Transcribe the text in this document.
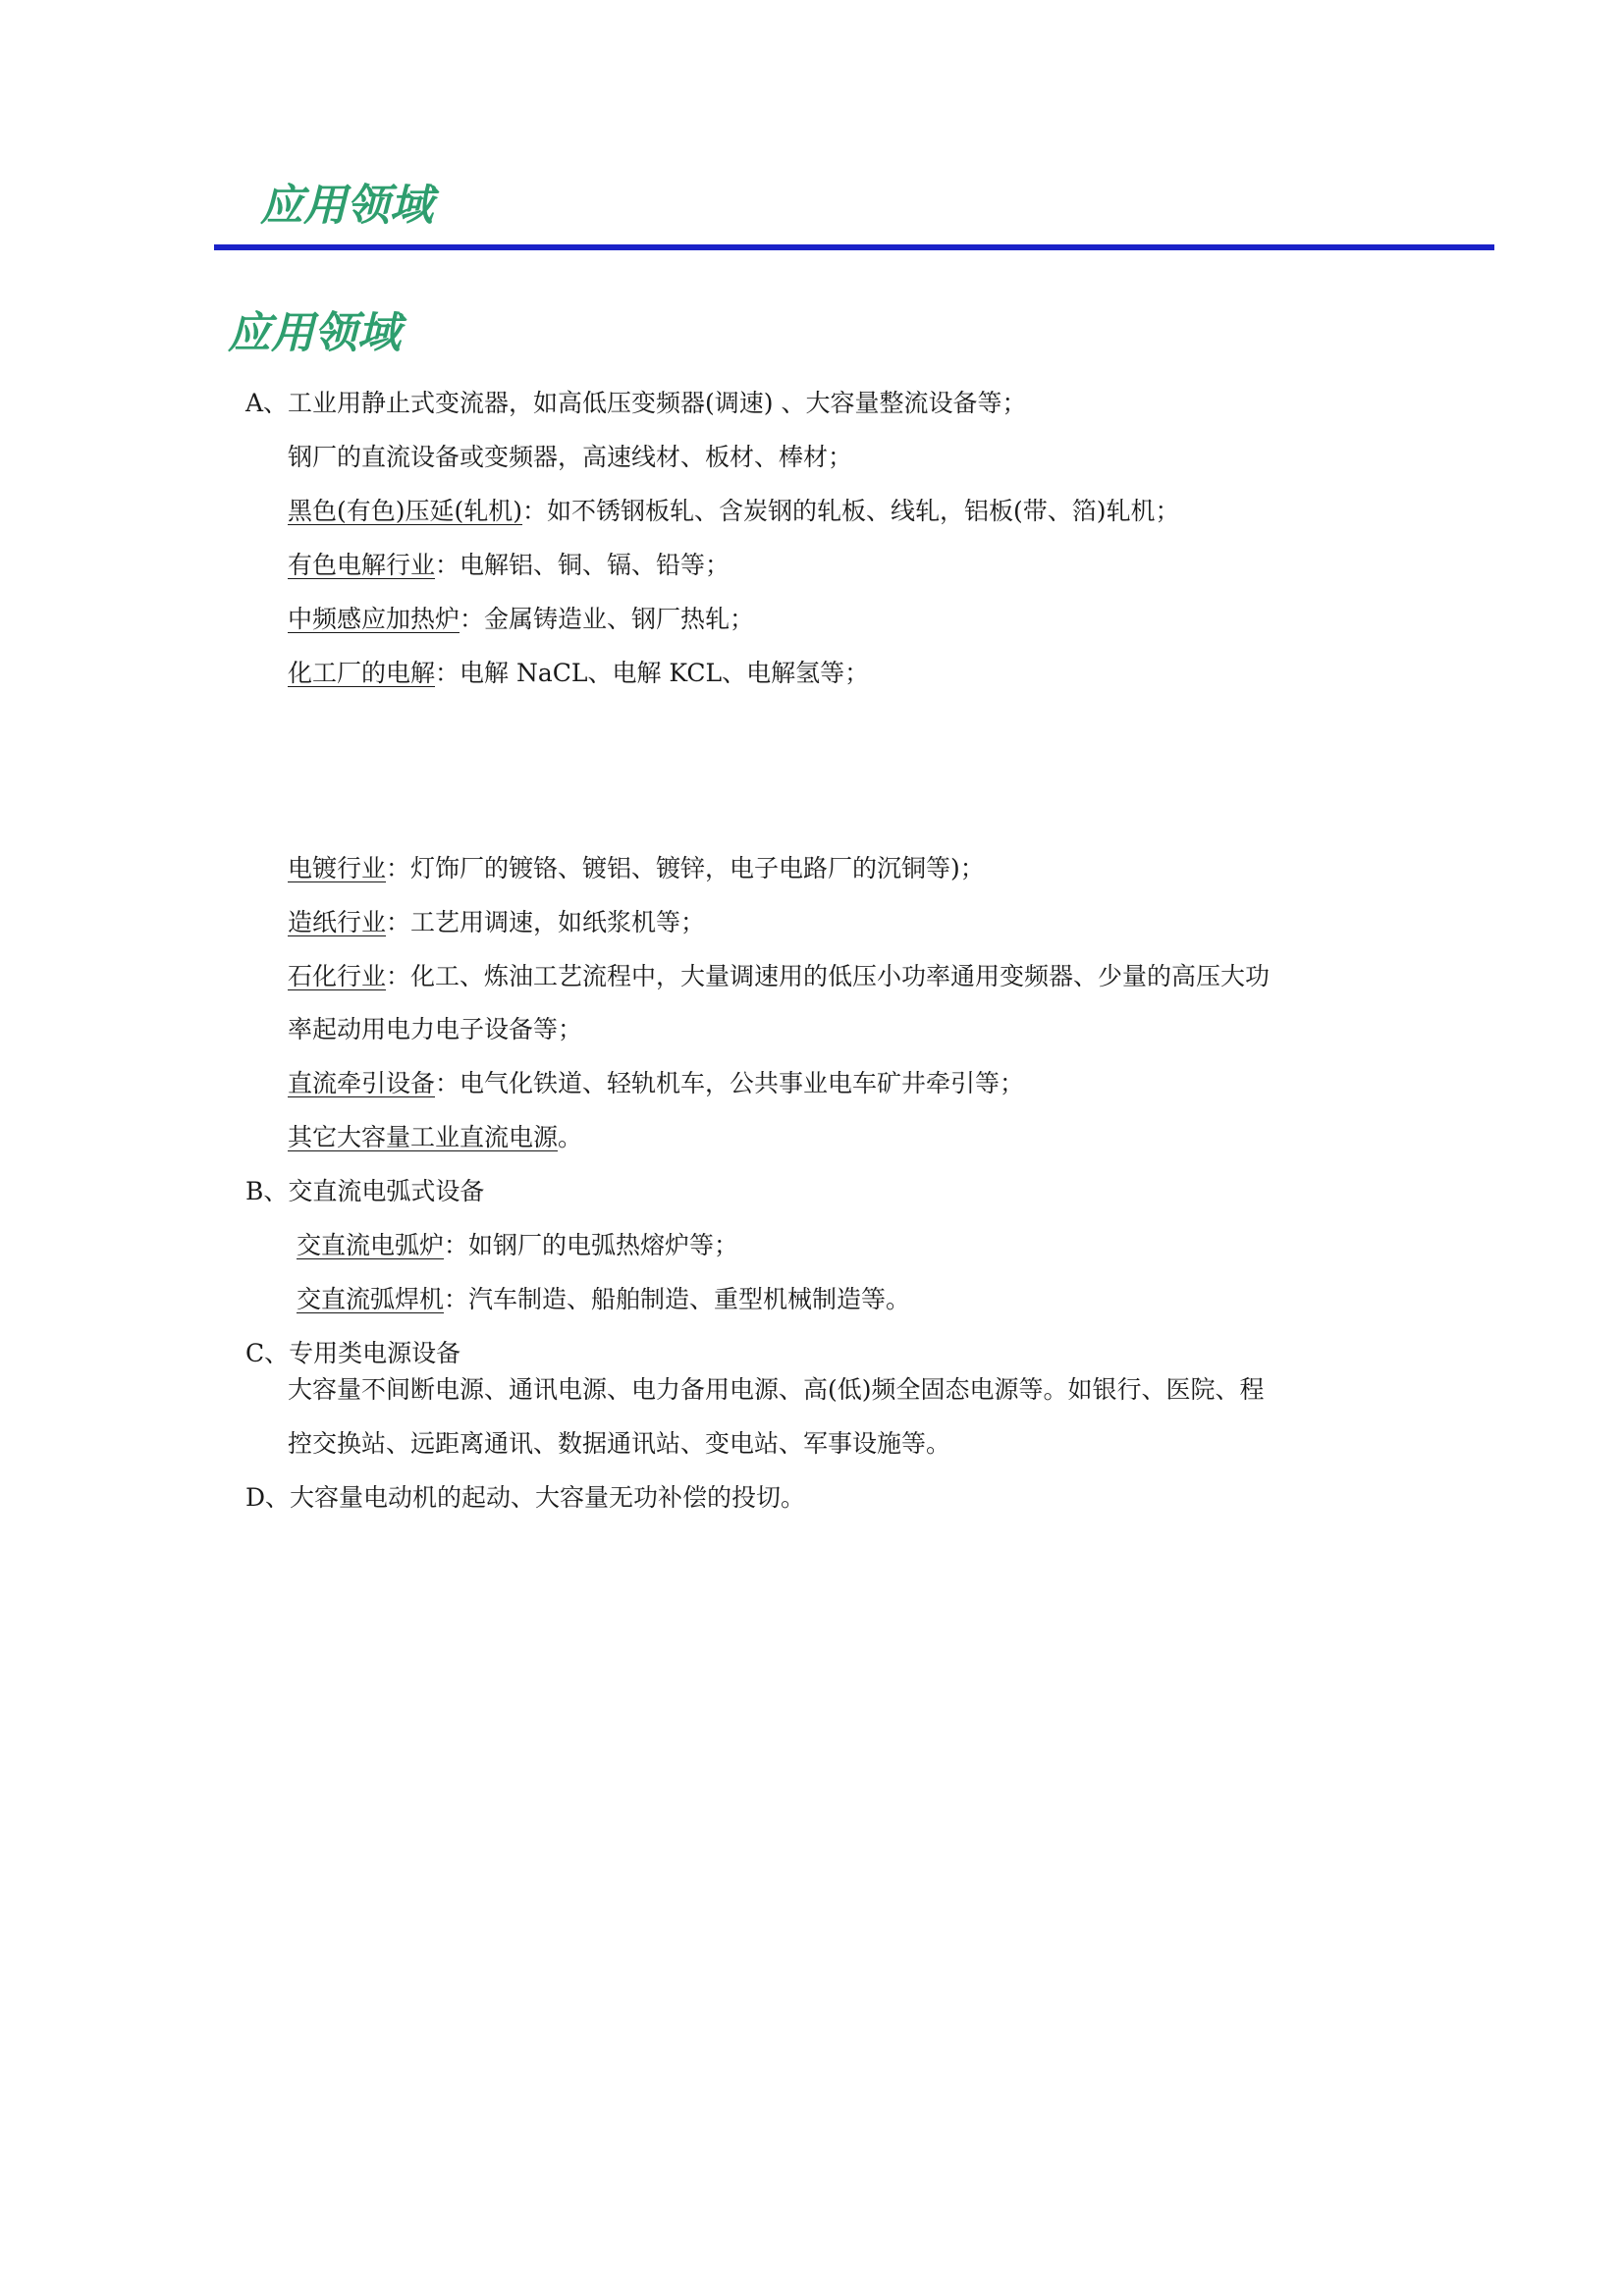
应用领域
应用领域
A、工业用静止式变流器，如高低压变频器(调速) 、大容量整流设备等；
钢厂的直流设备或变频器，高速线材、板材、棒材；
黑色(有色)压延(轧机)：如不锈钢板轧、含炭钢的轧板、线轧，铝板(带、箔)轧机；
有色电解行业：电解铝、铜、镉、铅等；
中频感应加热炉：金属铸造业、钢厂热轧；
化工厂的电解：电解 NaCL、电解 KCL、电解氢等；
电镀行业：灯饰厂的镀铬、镀铝、镀锌，电子电路厂的沉铜等)；
造纸行业：工艺用调速，如纸浆机等；
石化行业：化工、炼油工艺流程中，大量调速用的低压小功率通用变频器、少量的高压大功
率起动用电力电子设备等；
直流牵引设备：电气化铁道、轻轨机车，公共事业电车矿井牵引等；
其它大容量工业直流电源。
B、交直流电弧式设备
交直流电弧炉：如钢厂的电弧热熔炉等；
交直流弧焊机：汽车制造、船舶制造、重型机械制造等。
C、专用类电源设备
大容量不间断电源、通讯电源、电力备用电源、高(低)频全固态电源等。如银行、医院、程
控交换站、远距离通讯、数据通讯站、变电站、军事设施等。
D、大容量电动机的起动、大容量无功补偿的投切。
